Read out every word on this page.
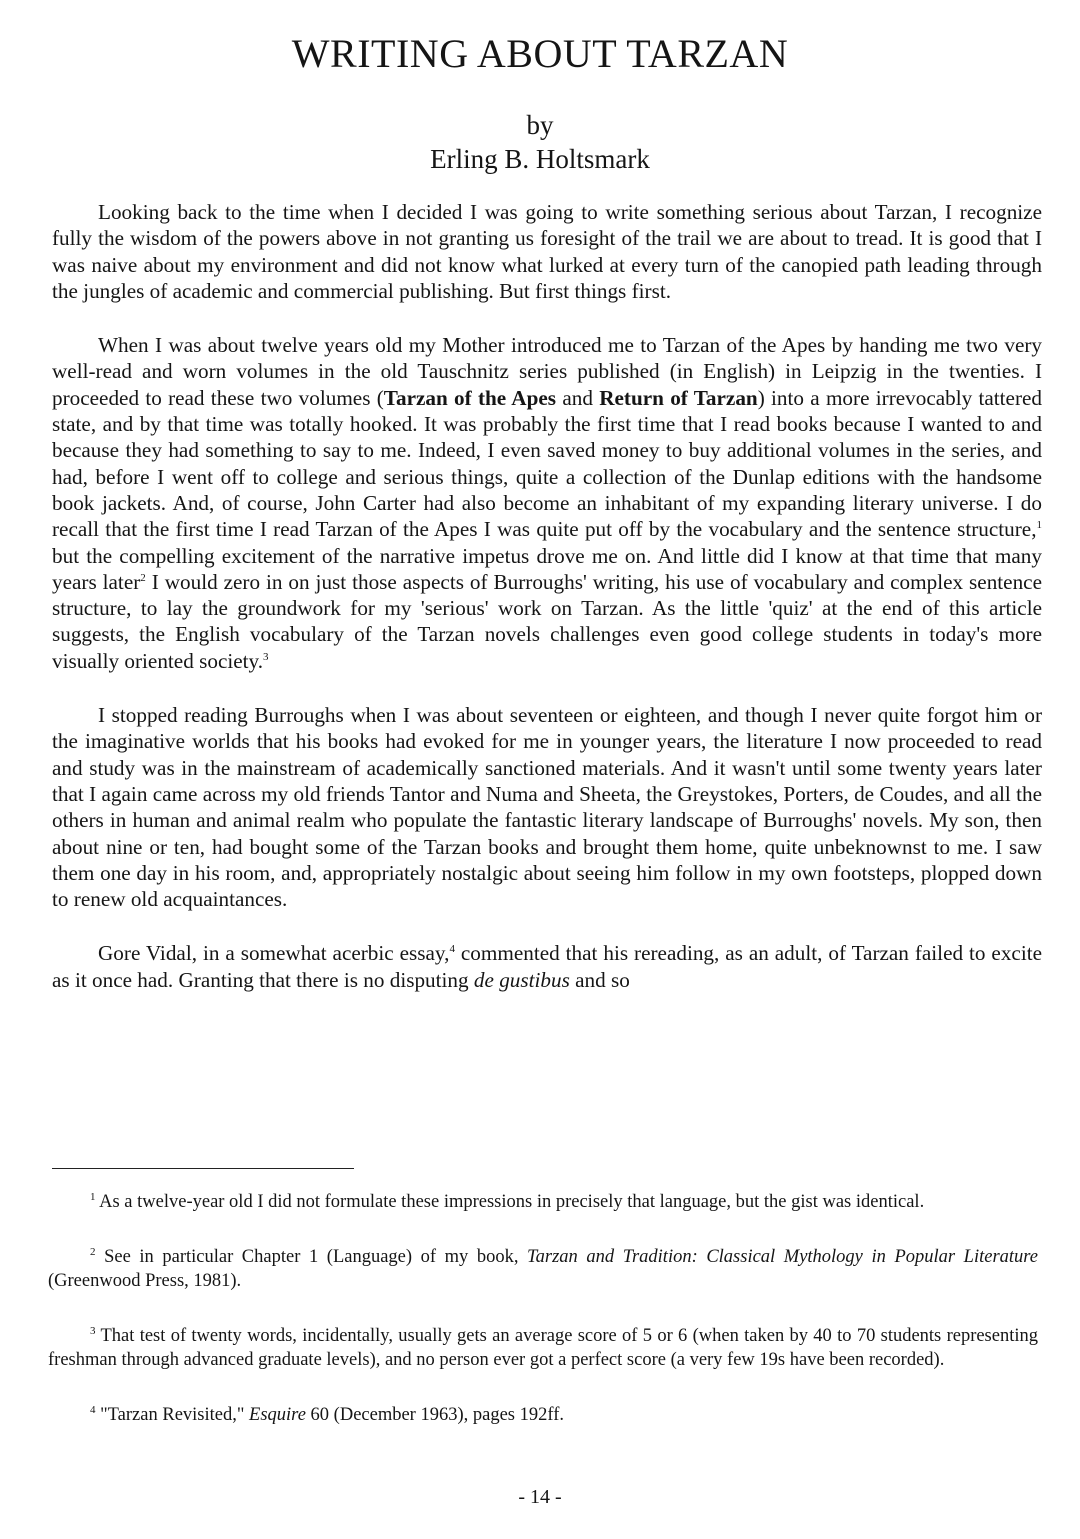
WRITING ABOUT TARZAN
by
Erling B. Holtsmark

Looking back to the time when I decided I was going to write something serious about Tarzan, I recognize fully the wisdom of the powers above in not granting us foresight of the trail we are about to tread. It is good that I was naive about my environment and did not know what lurked at every turn of the canopied path leading through the jungles of academic and commercial publishing. But first things first.

When I was about twelve years old my Mother introduced me to Tarzan of the Apes by handing me two very well-read and worn volumes in the old Tauschnitz series published (in English) in Leipzig in the twenties. I proceeded to read these two volumes (Tarzan of the Apes and Return of Tarzan) into a more irrevocably tattered state, and by that time was totally hooked. It was probably the first time that I read books because I wanted to and because they had something to say to me. Indeed, I even saved money to buy additional volumes in the series, and had, before I went off to college and serious things, quite a collection of the Dunlap editions with the handsome book jackets. And, of course, John Carter had also become an inhabitant of my expanding literary universe. I do recall that the first time I read Tarzan of the Apes I was quite put off by the vocabulary and the sentence structure,$^1$ but the compelling excitement of the narrative impetus drove me on. And little did I know at that time that many years later$^2$ I would zero in on just those aspects of Burroughs' writing, his use of vocabulary and complex sentence structure, to lay the groundwork for my 'serious' work on Tarzan. As the little 'quiz' at the end of this article suggests, the English vocabulary of the Tarzan novels challenges even good college students in today's more visually oriented society.$^3$

I stopped reading Burroughs when I was about seventeen or eighteen, and though I never quite forgot him or the imaginative worlds that his books had evoked for me in younger years, the literature I now proceeded to read and study was in the mainstream of academically sanctioned materials. And it wasn't until some twenty years later that I again came across my old friends Tantor and Numa and Sheeta, the Greystokes, Porters, de Coudes, and all the others in human and animal realm who populate the fantastic literary landscape of Burroughs' novels. My son, then about nine or ten, had bought some of the Tarzan books and brought them home, quite unbeknownst to me. I saw them one day in his room, and, appropriately nostalgic about seeing him follow in my own footsteps, plopped down to renew old acquaintances.

Gore Vidal, in a somewhat acerbic essay,$^4$ commented that his rereading, as an adult, of Tarzan failed to excite as it once had. Granting that there is no disputing de gustibus and so

$^1$ As a twelve-year old I did not formulate these impressions in precisely that language, but the gist was identical.

$^2$ See in particular Chapter 1 (Language) of my book, Tarzan and Tradition: Classical Mythology in Popular Literature (Greenwood Press, 1981).

$^3$ That test of twenty words, incidentally, usually gets an average score of 5 or 6 (when taken by 40 to 70 students representing freshman through advanced graduate levels), and no person ever got a perfect score (a very few 19s have been recorded).

$^4$ "Tarzan Revisited," Esquire 60 (December 1963), pages 192ff.

- 14 -
